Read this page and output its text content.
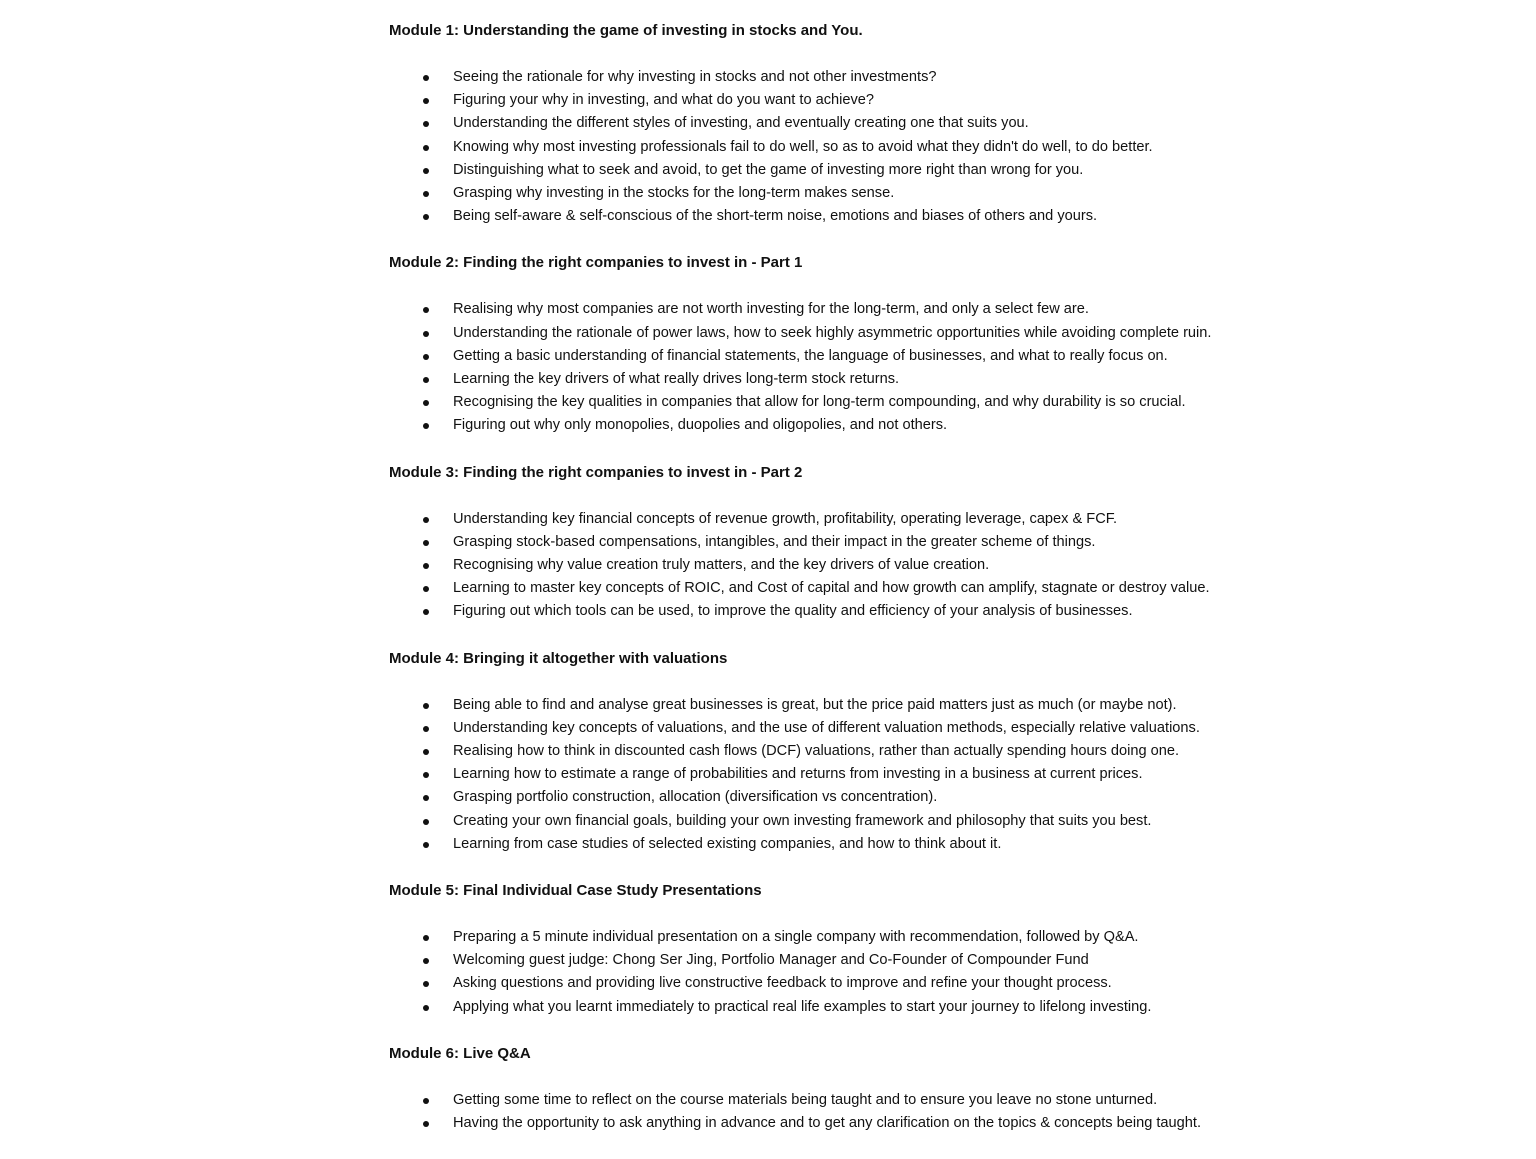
Module 1: Understanding the game of investing in stocks and You.
Seeing the rationale for why investing in stocks and not other investments?
Figuring your why in investing, and what do you want to achieve?
Understanding the different styles of investing, and eventually creating one that suits you.
Knowing why most investing professionals fail to do well, so as to avoid what they didn't do well, to do better.
Distinguishing what to seek and avoid, to get the game of investing more right than wrong for you.
Grasping why investing in the stocks for the long-term makes sense.
Being self-aware & self-conscious of the short-term noise, emotions and biases of others and yours.
Module 2: Finding the right companies to invest in - Part 1
Realising why most companies are not worth investing for the long-term, and only a select few are.
Understanding the rationale of power laws, how to seek highly asymmetric opportunities while avoiding complete ruin.
Getting a basic understanding of financial statements, the language of businesses, and what to really focus on.
Learning the key drivers of what really drives long-term stock returns.
Recognising the key qualities in companies that allow for long-term compounding, and why durability is so crucial.
Figuring out why only monopolies, duopolies and oligopolies, and not others.
Module 3: Finding the right companies to invest in - Part 2
Understanding key financial concepts of revenue growth, profitability, operating leverage, capex & FCF.
Grasping stock-based compensations, intangibles, and their impact in the greater scheme of things.
Recognising why value creation truly matters, and the key drivers of value creation.
Learning to master key concepts of ROIC, and Cost of capital and how growth can amplify, stagnate or destroy value.
Figuring out which tools can be used, to improve the quality and efficiency of your analysis of businesses.
Module 4: Bringing it altogether with valuations
Being able to find and analyse great businesses is great, but the price paid matters just as much (or maybe not).
Understanding key concepts of valuations, and the use of different valuation methods, especially relative valuations.
Realising how to think in discounted cash flows (DCF) valuations, rather than actually spending hours doing one.
Learning how to estimate a range of probabilities and returns from investing in a business at current prices.
Grasping portfolio construction, allocation (diversification vs concentration).
Creating your own financial goals, building your own investing framework and philosophy that suits you best.
Learning from case studies of selected existing companies, and how to think about it.
Module 5: Final Individual Case Study Presentations
Preparing a 5 minute individual presentation on a single company with recommendation, followed by Q&A.
Welcoming guest judge: Chong Ser Jing, Portfolio Manager and Co-Founder of Compounder Fund
Asking questions and providing live constructive feedback to improve and refine your thought process.
Applying what you learnt immediately to practical real life examples to start your journey to lifelong investing.
Module 6: Live Q&A
Getting some time to reflect on the course materials being taught and to ensure you leave no stone unturned.
Having the opportunity to ask anything in advance and to get any clarification on the topics & concepts being taught.
